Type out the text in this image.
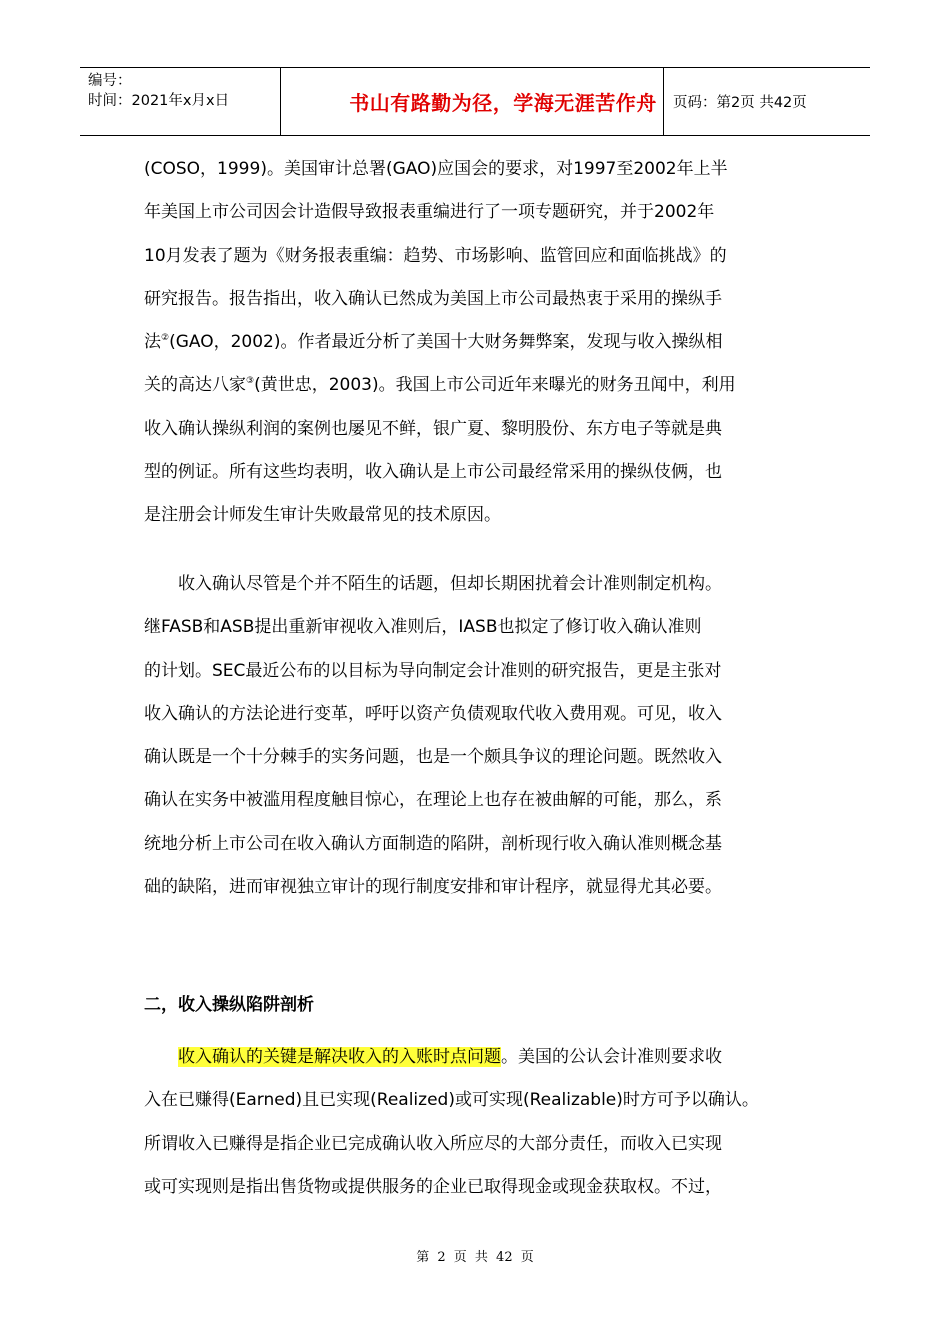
编号：
时间：2021年x月x日	书山有路勤为径，学海无涯苦作舟	页码：第2页 共42页
(COSO，1999)。美国审计总署(GAO)应国会的要求，对1997至2002年上半
年美国上市公司因会计造假导致报表重编进行了一项专题研究，并于2002年
10月发表了题为《财务报表重编：趋势、市场影响、监管回应和面临挑战》的
研究报告。报告指出，收入确认已然成为美国上市公司最热衷于采用的操纵手
法②(GAO，2002)。作者最近分析了美国十大财务舞弊案，发现与收入操纵相
关的高达八家③(黄世忠，2003)。我国上市公司近年来曝光的财务丑闻中，利用
收入确认操纵利润的案例也屡见不鲜，银广夏、黎明股份、东方电子等就是典
型的例证。所有这些均表明，收入确认是上市公司最经常采用的操纵伎俩，也
是注册会计师发生审计失败最常见的技术原因。
　　收入确认尽管是个并不陌生的话题，但却长期困扰着会计准则制定机构。
继FASB和ASB提出重新审视收入准则后，IASB也拟定了修订收入确认准则
的计划。SEC最近公布的以目标为导向制定会计准则的研究报告，更是主张对
收入确认的方法论进行变革，呼吁以资产负债观取代收入费用观。可见，收入
确认既是一个十分棘手的实务问题，也是一个颇具争议的理论问题。既然收入
确认在实务中被滥用程度触目惊心，在理论上也存在被曲解的可能，那么，系
统地分析上市公司在收入确认方面制造的陷阱，剖析现行收入确认准则概念基
础的缺陷，进而审视独立审计的现行制度安排和审计程序，就显得尤其必要。
二，收入操纵陷阱剖析
　　收入确认的关键是解决收入的入账时点问题。美国的公认会计准则要求收
入在已赚得(Earned)且已实现(Realized)或可实现(Realizable)时方可予以确认。
所谓收入已赚得是指企业已完成确认收入所应尽的大部分责任，而收入已实现
或可实现则是指出售货物或提供服务的企业已取得现金或现金获取权。不过，
第 2 页 共 42 页
